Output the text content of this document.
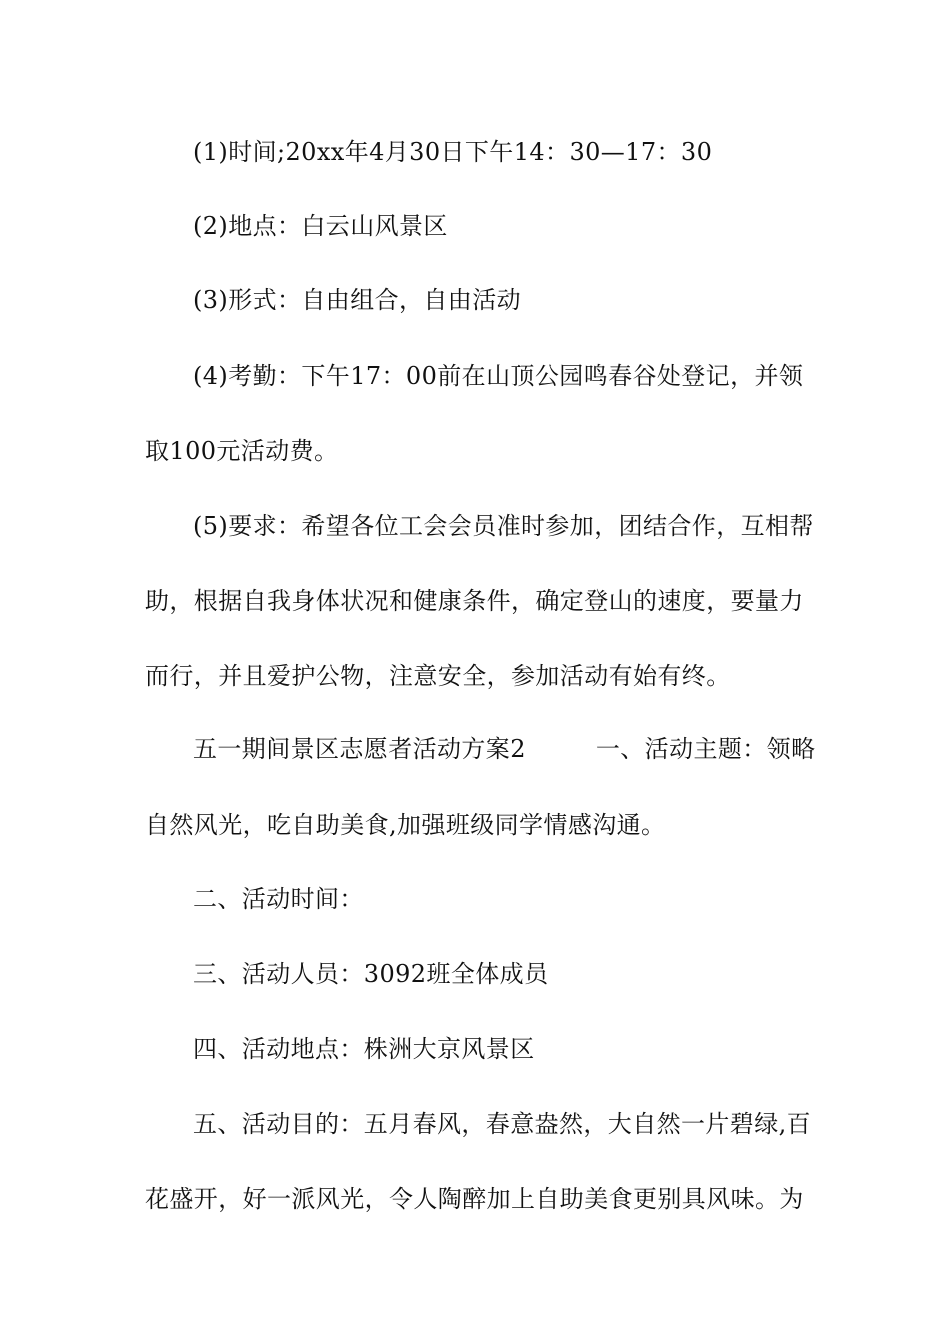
(1)时间;20xx年4月30日下午14：30—17：30
(2)地点：白云山风景区
(3)形式：自由组合，自由活动
(4)考勤：下午17：00前在山顶公园鸣春谷处登记，并领
取100元活动费。
(5)要求：希望各位工会会员准时参加，团结合作，互相帮
助，根据自我身体状况和健康条件，确定登山的速度，要量力
而行，并且爱护公物，注意安全，参加活动有始有终。
五一期间景区志愿者活动方案2	一、活动主题：领略
自然风光，吃自助美食,加强班级同学情感沟通。
二、活动时间：
三、活动人员：3092班全体成员
四、活动地点：株洲大京风景区
五、活动目的：五月春风，春意盎然，大自然一片碧绿,百
花盛开，好一派风光，令人陶醉加上自助美食更别具风味。为
